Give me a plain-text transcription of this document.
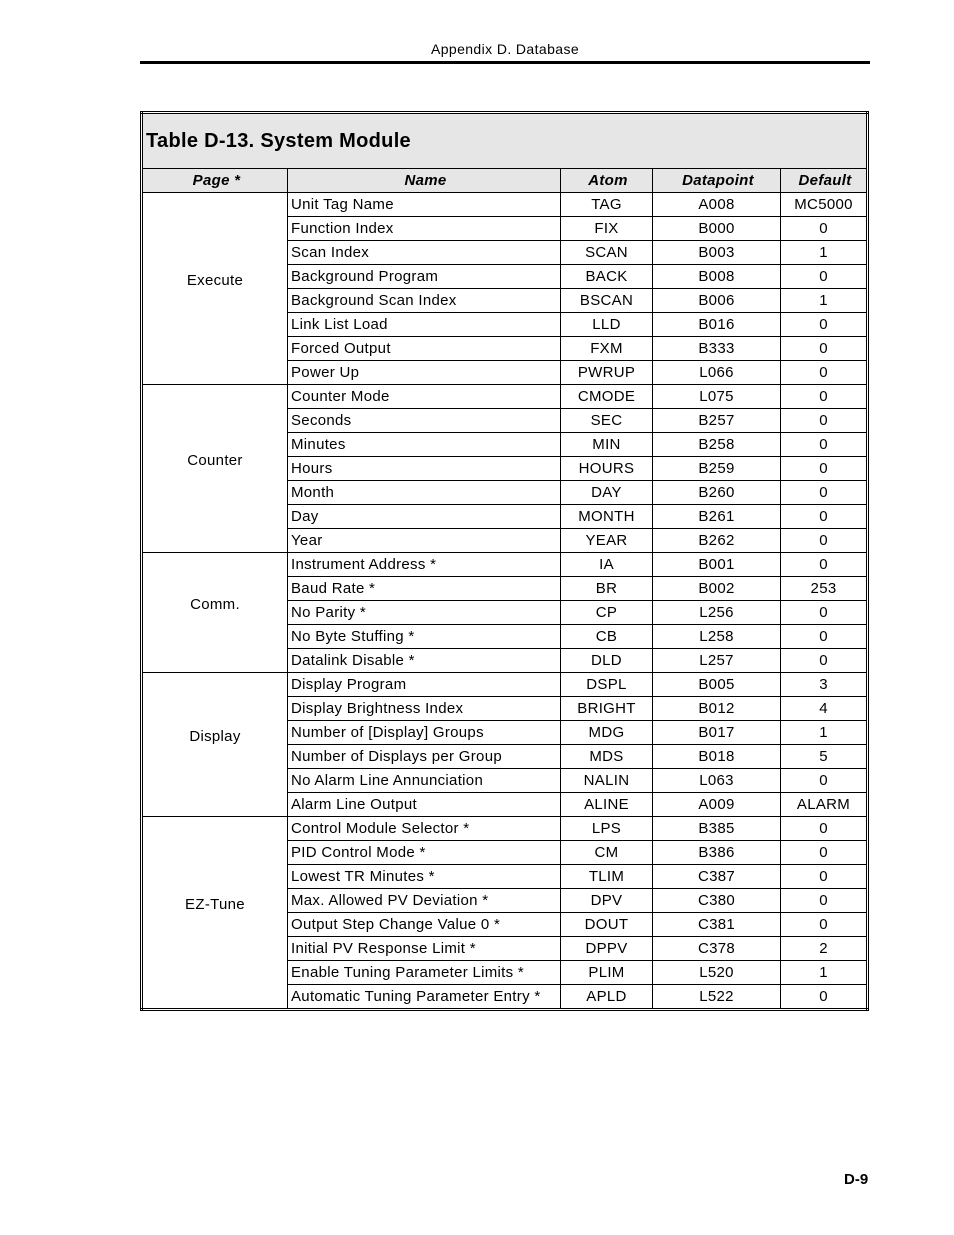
Appendix D. Database
Table D-13. System Module				
Page *	Name	Atom	Datapoint	Default
Execute	Unit Tag Name	TAG	A008	MC5000
	Function Index	FIX	B000	0
	Scan Index	SCAN	B003	1
	Background Program	BACK	B008	0
	Background Scan Index	BSCAN	B006	1
	Link List Load	LLD	B016	0
	Forced Output	FXM	B333	0
	Power Up	PWRUP	L066	0
Counter	Counter Mode	CMODE	L075	0
	Seconds	SEC	B257	0
	Minutes	MIN	B258	0
	Hours	HOURS	B259	0
	Month	DAY	B260	0
	Day	MONTH	B261	0
	Year	YEAR	B262	0
Comm.	Instrument Address *	IA	B001	0
	Baud Rate *	BR	B002	253
	No Parity *	CP	L256	0
	No Byte Stuffing *	CB	L258	0
	Datalink Disable *	DLD	L257	0
Display	Display Program	DSPL	B005	3
	Display Brightness Index	BRIGHT	B012	4
	Number of [Display] Groups	MDG	B017	1
	Number of Displays per Group	MDS	B018	5
	No Alarm Line Annunciation	NALIN	L063	0
	Alarm Line Output	ALINE	A009	ALARM
EZ-Tune	Control Module Selector *	LPS	B385	0
	PID Control Mode *	CM	B386	0
	Lowest TR Minutes *	TLIM	C387	0
	Max. Allowed PV Deviation *	DPV	C380	0
	Output Step Change Value 0 *	DOUT	C381	0
	Initial PV Response Limit *	DPPV	C378	2
	Enable Tuning Parameter Limits *	PLIM	L520	1
	Automatic Tuning Parameter Entry *	APLD	L522	0
D-9
